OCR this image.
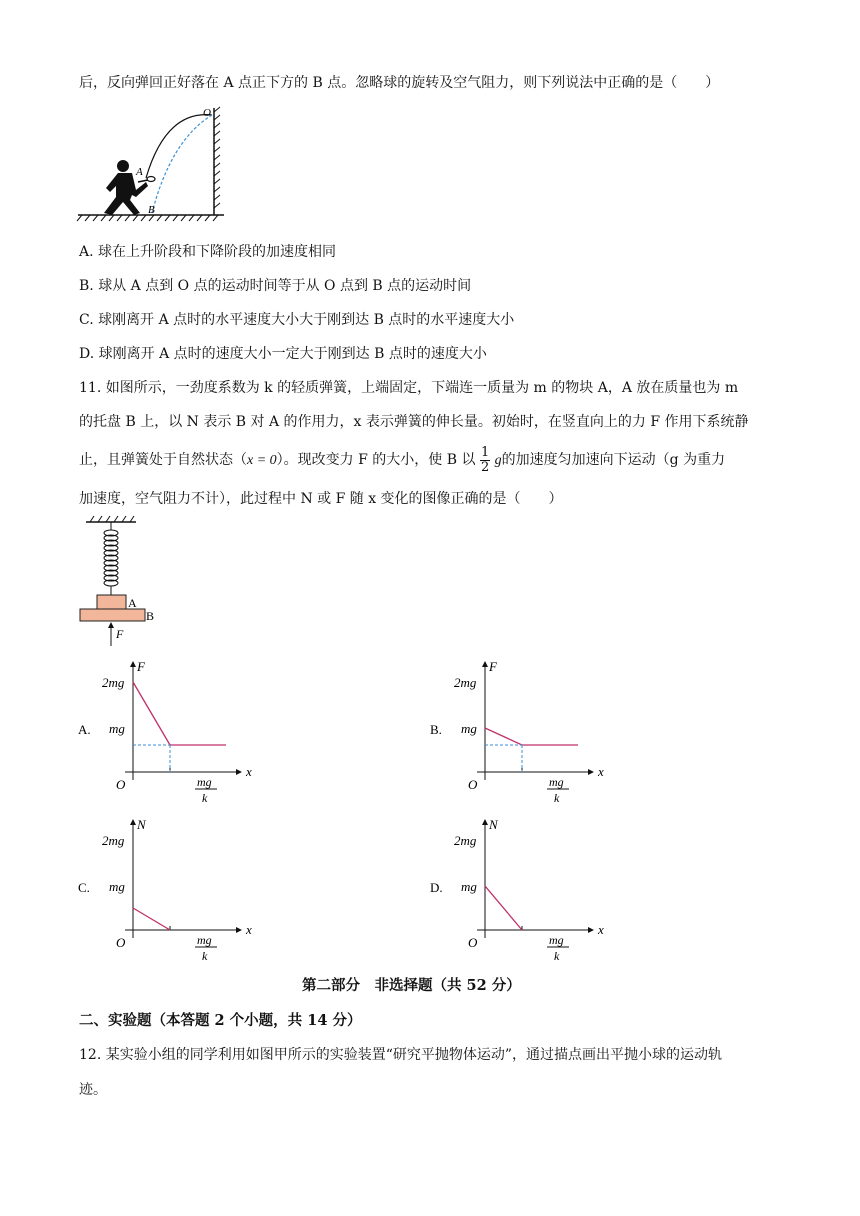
后，反向弹回正好落在 A 点正下方的 B 点。忽略球的旋转及空气阻力，则下列说法中正确的是（　　）
A
O
B
A. 球在上升阶段和下降阶段的加速度相同
B. 球从 A 点到 O 点的运动时间等于从 O 点到 B 点的运动时间
C. 球刚离开 A 点时的水平速度大小大于刚到达 B 点时的水平速度大小
D. 球刚离开 A 点时的速度大小一定大于刚到达 B 点时的速度大小
11. 如图所示，一劲度系数为 k 的轻质弹簧，上端固定，下端连一质量为 m 的物块 A，A 放在质量也为 m
的托盘 B 上，以 N 表示 B 对 A 的作用力，x 表示弹簧的伸长量。初始时，在竖直向上的力 F 作用下系统静
止，且弹簧处于自然状态（x = 0）。现改变力 F 的大小，使 B 以 $\frac{1}{2}$ g的加速度匀加速向下运动（g 为重力
加速度，空气阻力不计），此过程中 N 或 F 随 x 变化的图像正确的是（　　）
A
B
F
A.
F
x
O
2mg
mg
mg
k
B.
F
x
O
2mg
mg
mg
k
C.
N
x
O
2mg
mg
mg
k
D.
N
x
O
2mg
mg
mg
k
第二部分　非选择题（共 52 分）
二、实验题（本答题 2 个小题，共 14 分）
12. 某实验小组的同学利用如图甲所示的实验装置“研究平抛物体运动”，通过描点画出平抛小球的运动轨
迹。
